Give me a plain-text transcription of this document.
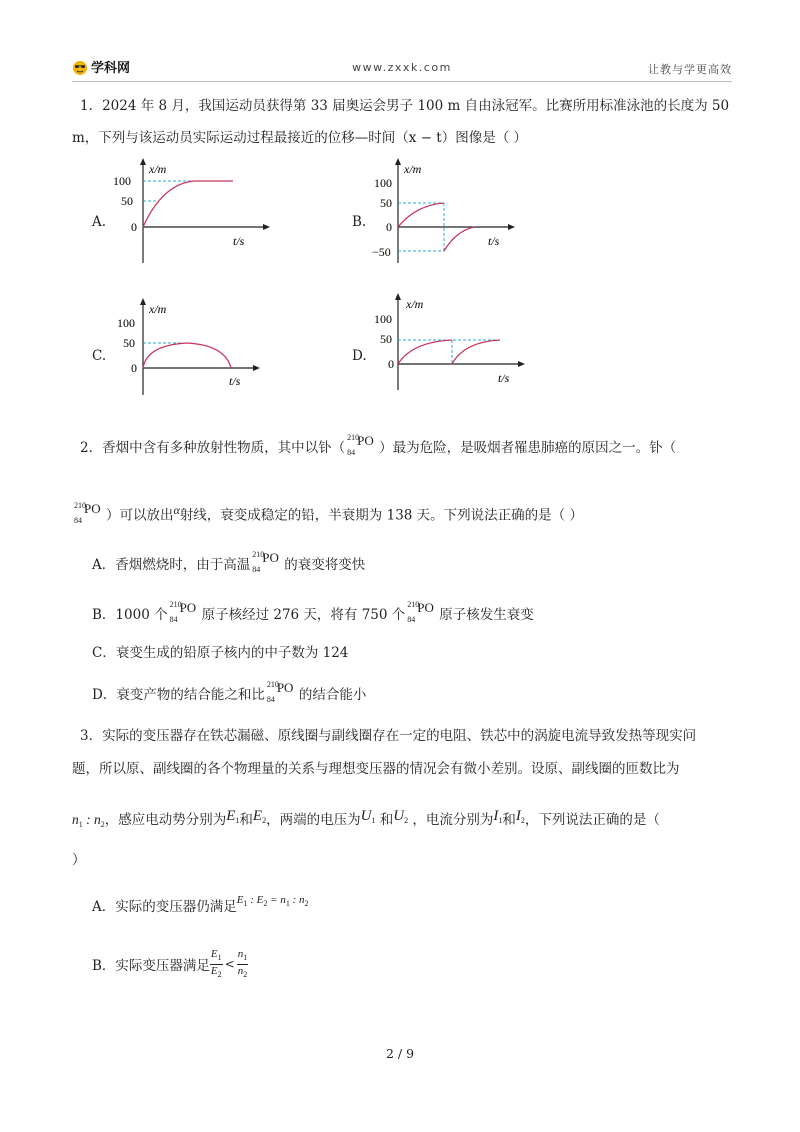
学科网	www.zxxk.com	让教与学更高效
1．2024 年 8 月，我国运动员获得第 33 届奥运会男子 100 m 自由泳冠军。比赛所用标准泳池的长度为 50
m，下列与该运动员实际运动过程最接近的位移—时间（x − t）图像是（ ）
A.
x/m
t/s
100
50
0	B.
x/m
t/s
100
50
0
−50
C.
x/m
t/s
100
50
0
D.
x/m
t/s
100
50
0
2．香烟中含有多种放射性物质，其中以钋（
210
84
PO ）最为危险，是吸烟者罹患肺癌的原因之一。钋（
210
84
PO ）可以放出$^\alpha$射线，衰变成稳定的铅，半衰期为 138 天。下列说法正确的是（ ）
A．香烟燃烧时，由于高温
210
84
PO 的衰变将变快
B．1000 个
210
84
PO 原子核经过 276 天，将有 750 个
210
84
PO 原子核发生衰变
C．衰变生成的铅原子核内的中子数为 124
D．衰变产物的结合能之和比
210
84
PO 的结合能小
3．实际的变压器存在铁芯漏磁、原线圈与副线圈存在一定的电阻、铁芯中的涡旋电流导致发热等现实问
题，所以原、副线圈的各个物理量的关系与理想变压器的情况会有微小差别。设原、副线圈的匝数比为
$n_1$ : $n_2$，感应电动势分别为$E_1$和$E_2$，两端的电压为$U_1$ 和$U_2$ ，电流分别为$I_1$和$I_2$，下列说法正确的是（
）
A．实际的变压器仍满足$^{E_1 : E_2 = n_1 : n_2}$
B．实际变压器满足 $\frac{E_1}{E_2} < \frac{n_1}{n_2}$
2 / 9
